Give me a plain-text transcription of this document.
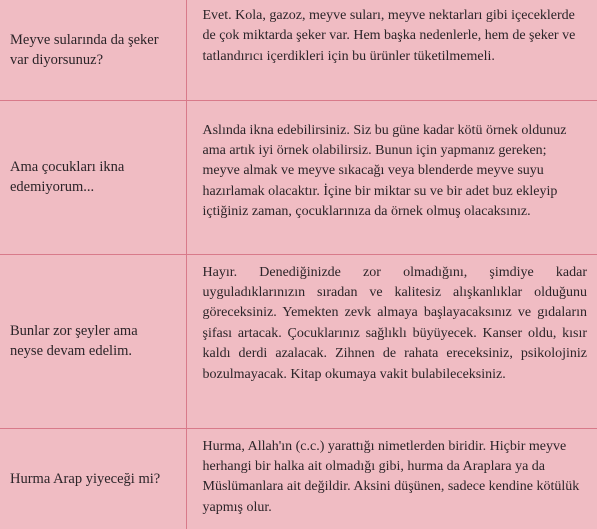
Meyve sularında da şeker var diyorsunuz?	Evet. Kola, gazoz, meyve suları, meyve nektarları gibi içeceklerde de çok miktarda şeker var. Hem başka nedenlerle, hem de şeker ve tatlandırıcı içerdikleri için bu ürünler tüketilmemeli.

Ama çocukları ikna edemiyorum...	Aslında ikna edebilirsiniz. Siz bu güne kadar kötü örnek oldunuz ama artık iyi örnek olabilirsiz. Bunun için yapmanız gereken; meyve almak ve meyve sıkacağı veya blenderde meyve suyu hazırlamak olacaktır. İçine bir miktar su ve bir adet buz ekleyip içtiğiniz zaman, çocuklarınıza da örnek olmuş olacaksınız.

Bunlar zor şeyler ama neyse devam edelim.	Hayır. Denediğinizde zor olmadığını, şimdiye kadar uyguladıklarınızın sıradan ve kalitesiz alışkanlıklar olduğunu göreceksiniz. Yemekten zevk almaya başlayacaksınız ve gıdaların şifası artacak. Çocuklarınız sağlıklı büyüyecek. Kanser oldu, kısır kaldı derdi azalacak. Zihnen de rahata ereceksiniz, psikolojiniz bozulmayacak. Kitap okumaya vakit bulabileceksiniz.

Hurma Arap yiyeceği mi?	Hurma, Allah'ın (c.c.) yarattığı nimetlerden biridir. Hiçbir meyve herhangi bir halka ait olmadığı gibi, hurma da Araplara ya da Müslümanlara ait değildir. Aksini düşünen, sadece kendine kötülük yapmış olur.
